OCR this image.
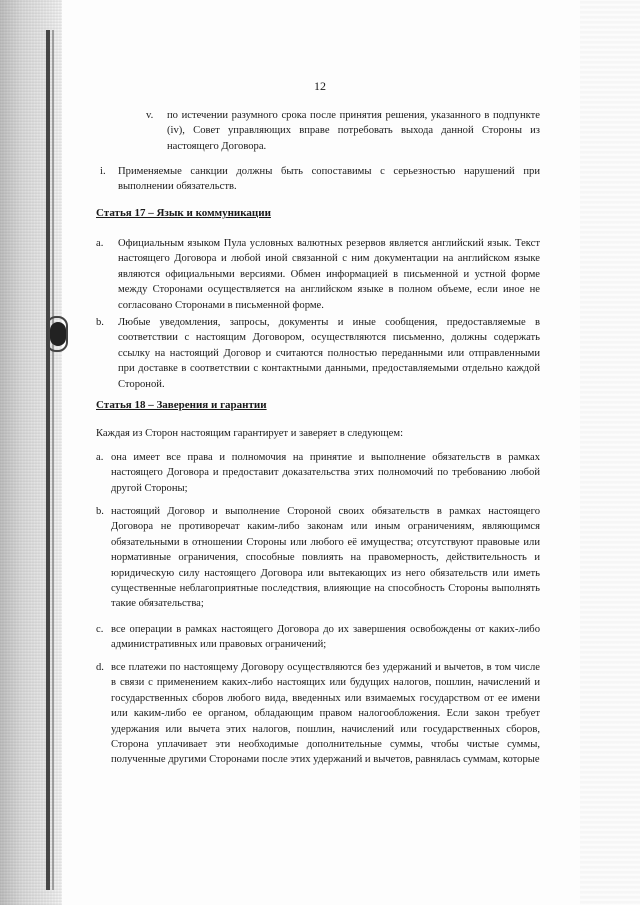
12
v. по истечении разумного срока после принятия решения, указанного в подпункте (iv), Совет управляющих вправе потребовать выхода данной Стороны из настоящего Договора.
i. Применяемые санкции должны быть сопоставимы с серьезностью нарушений при выполнении обязательств.
Статья 17 – Язык и коммуникации
a. Официальным языком Пула условных валютных резервов является английский язык. Текст настоящего Договора и любой иной связанной с ним документации на английском языке являются официальными версиями. Обмен информацией в письменной и устной форме между Сторонами осуществляется на английском языке в полном объеме, если иное не согласовано Сторонами в письменной форме.
b. Любые уведомления, запросы, документы и иные сообщения, предоставляемые в соответствии с настоящим Договором, осуществляются письменно, должны содержать ссылку на настоящий Договор и считаются полностью переданными или отправленными при доставке в соответствии с контактными данными, предоставляемыми отдельно каждой Стороной.
Статья 18 – Заверения и гарантии
Каждая из Сторон настоящим гарантирует и заверяет в следующем:
a. она имеет все права и полномочия на принятие и выполнение обязательств в рамках настоящего Договора и предоставит доказательства этих полномочий по требованию любой другой Стороны;
b. настоящий Договор и выполнение Стороной своих обязательств в рамках настоящего Договора не противоречат каким-либо законам или иным ограничениям, являющимся обязательными в отношении Стороны или любого её имущества; отсутствуют правовые или нормативные ограничения, способные повлиять на правомерность, действительность и юридическую силу настоящего Договора или вытекающих из него обязательств или иметь существенные неблагоприятные последствия, влияющие на способность Стороны выполнять такие обязательства;
c. все операции в рамках настоящего Договора до их завершения освобождены от каких-либо административных или правовых ограничений;
d. все платежи по настоящему Договору осуществляются без удержаний и вычетов, в том числе в связи с применением каких-либо настоящих или будущих налогов, пошлин, начислений и государственных сборов любого вида, введенных или взимаемых государством от ее имени или каким-либо ее органом, обладающим правом налогообложения. Если закон требует удержания или вычета этих налогов, пошлин, начислений или государственных сборов, Сторона уплачивает эти необходимые дополнительные суммы, чтобы чистые суммы, полученные другими Сторонами после этих удержаний и вычетов, равнялась суммам, которые
